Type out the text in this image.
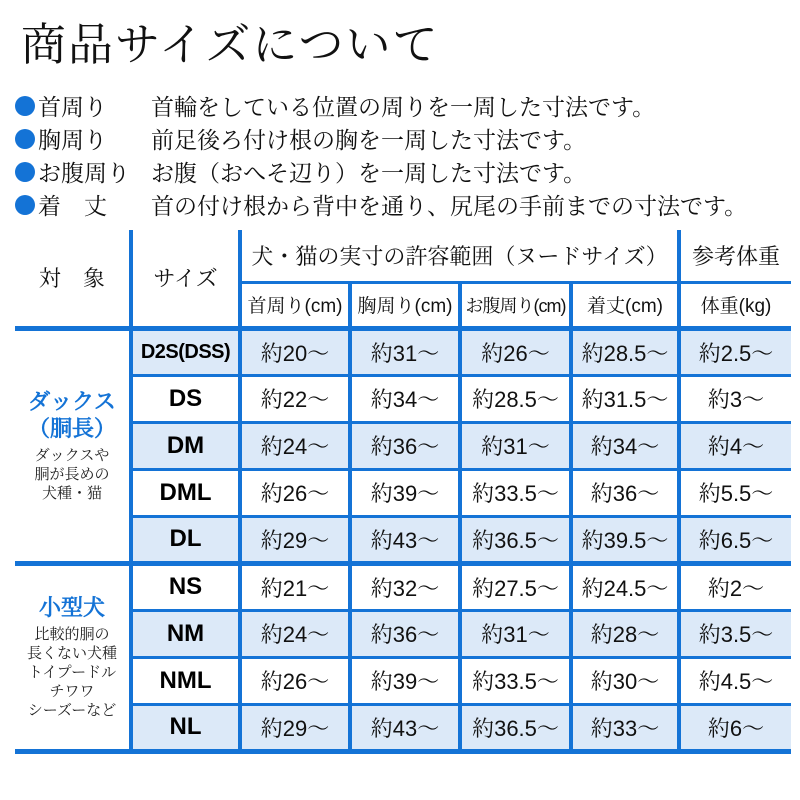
商品サイズについて
首周り 首輪をしている位置の周りを一周した寸法です。
胸周り 前足後ろ付け根の胸を一周した寸法です。
お腹周り お腹（おへそ辺り）を一周した寸法です。
着　丈 首の付け根から背中を通り、尻尾の手前までの寸法です。
対　象	サイズ	犬・猫の実寸の許容範囲（ヌードサイズ）				参考体重
		首周り(cm)	胸周り(cm)	お腹周り(cm)	着丈(cm)	体重(kg)

ダックス
（胴長）
ダックスや
胴が長めの
犬種・猫	D2S(DSS)	約20〜	約31〜	約26〜	約28.5〜	約2.5〜
	DS	約22〜	約34〜	約28.5〜	約31.5〜	約3〜
	DM	約24〜	約36〜	約31〜	約34〜	約4〜
	DML	約26〜	約39〜	約33.5〜	約36〜	約5.5〜
	DL	約29〜	約43〜	約36.5〜	約39.5〜	約6.5〜

小型犬
比較的胴の
長くない犬種
トイプードル
チワワ
シーズーなど
	NS	約21〜	約32〜	約27.5〜	約24.5〜	約2〜
	NM	約24〜	約36〜	約31〜	約28〜	約3.5〜
	NML	約26〜	約39〜	約33.5〜	約30〜	約4.5〜
	NL	約29〜	約43〜	約36.5〜	約33〜	約6〜
